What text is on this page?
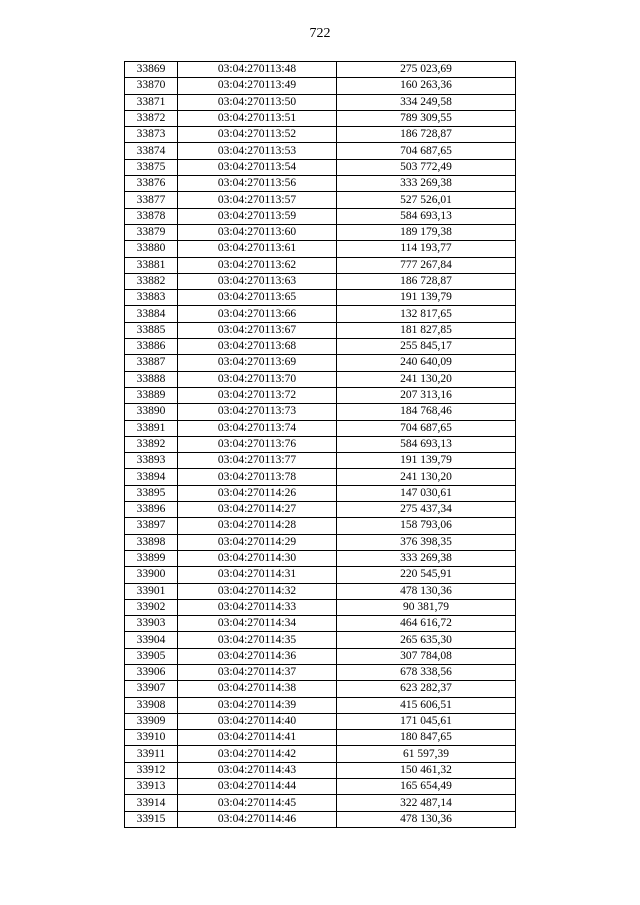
722
33869	03:04:270113:48	275 023,69
33870	03:04:270113:49	160 263,36
33871	03:04:270113:50	334 249,58
33872	03:04:270113:51	789 309,55
33873	03:04:270113:52	186 728,87
33874	03:04:270113:53	704 687,65
33875	03:04:270113:54	503 772,49
33876	03:04:270113:56	333 269,38
33877	03:04:270113:57	527 526,01
33878	03:04:270113:59	584 693,13
33879	03:04:270113:60	189 179,38
33880	03:04:270113:61	114 193,77
33881	03:04:270113:62	777 267,84
33882	03:04:270113:63	186 728,87
33883	03:04:270113:65	191 139,79
33884	03:04:270113:66	132 817,65
33885	03:04:270113:67	181 827,85
33886	03:04:270113:68	255 845,17
33887	03:04:270113:69	240 640,09
33888	03:04:270113:70	241 130,20
33889	03:04:270113:72	207 313,16
33890	03:04:270113:73	184 768,46
33891	03:04:270113:74	704 687,65
33892	03:04:270113:76	584 693,13
33893	03:04:270113:77	191 139,79
33894	03:04:270113:78	241 130,20
33895	03:04:270114:26	147 030,61
33896	03:04:270114:27	275 437,34
33897	03:04:270114:28	158 793,06
33898	03:04:270114:29	376 398,35
33899	03:04:270114:30	333 269,38
33900	03:04:270114:31	220 545,91
33901	03:04:270114:32	478 130,36
33902	03:04:270114:33	90 381,79
33903	03:04:270114:34	464 616,72
33904	03:04:270114:35	265 635,30
33905	03:04:270114:36	307 784,08
33906	03:04:270114:37	678 338,56
33907	03:04:270114:38	623 282,37
33908	03:04:270114:39	415 606,51
33909	03:04:270114:40	171 045,61
33910	03:04:270114:41	180 847,65
33911	03:04:270114:42	61 597,39
33912	03:04:270114:43	150 461,32
33913	03:04:270114:44	165 654,49
33914	03:04:270114:45	322 487,14
33915	03:04:270114:46	478 130,36
